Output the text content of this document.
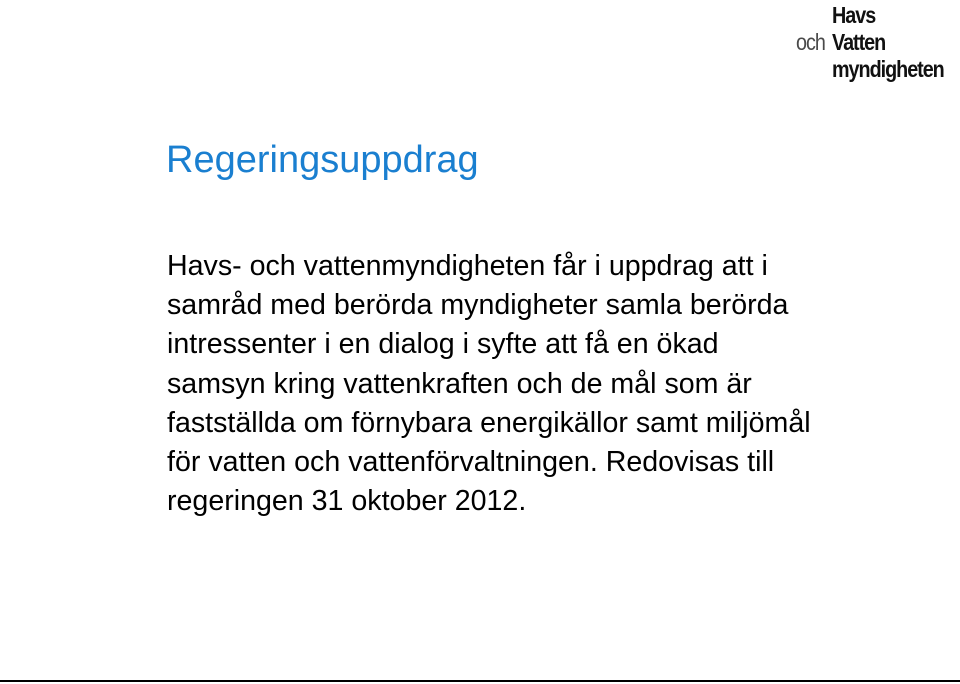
Havs
och Vatten
myndigheten
Regeringsuppdrag

Havs- och vattenmyndigheten får i uppdrag att i
samråd med berörda myndigheter samla berörda
intressenter i en dialog i syfte att få en ökad
samsyn kring vattenkraften och de mål som är
fastställda om förnybara energikällor samt miljömål
för vatten och vattenförvaltningen. Redovisas till
regeringen 31 oktober 2012.
